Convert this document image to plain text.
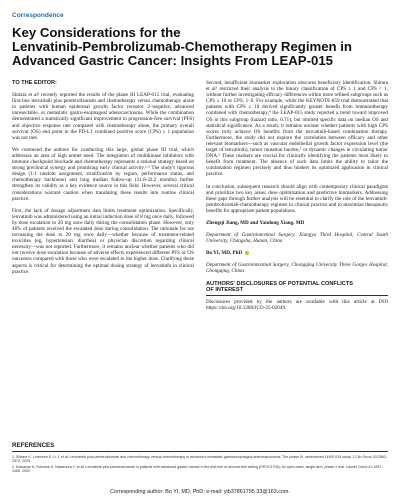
Correspondence
Key Considerations for the
Lenvatinib-Pembrolizumab-Chemotherapy Regimen in
Advanced Gastric Cancer: Insights From LEAP-015

TO THE EDITOR:

Shitara et al¹ recently reported the results of the phase III LEAP-015 trial, evaluating first-line lenvatinib plus pembrolizumab and chemotherapy versus chemotherapy alone in patients with human epidermal growth factor receptor 2–negative, advanced unresectable, or metastatic gastro-esophageal adenocarcinoma. While the combination demonstrated a statistically significant improvement in progression-free survival (PFS) and objective response rate compared with chemotherapy alone, the primary overall survival (OS) end point in the PD-L1 combined positive score (CPS) ≥ 1 population was not met.

We commend the authors for conducting this large, global phase III trial, which addresses an area of high unmet need. The integration of multikinase inhibitors with immune checkpoint blockade and chemotherapy represents a rational strategy based on strong preclinical synergy and promising early clinical activity.²·³ The study's rigorous design (1:1 random assignment, stratification by region, performance status, and chemotherapy backbone) and long median follow-up (31.8-32.2 months) further strengthen its validity as a key evidence source in this field. However, several critical considerations warrant caution when translating these results into routine clinical practice.

First, the lack of dosage adjustment data limits treatment optimization. Specifically, lenvatinib was administered using an initial induction dose of 8 mg once daily, followed by dose escalation to 20 mg once daily during the consolidation phase. However, only 46% of patients received the escalated dose during consolidation. The rationale for not increasing the dose to 20 mg once daily—whether because of treatment-related toxicities (eg, hypertension, diarrhea) or physician discretion regarding clinical necessity—was not reported. Furthermore, it remains unclear whether patients who did not receive dose escalation because of adverse effects experienced different PFS or OS outcomes compared with those who were escalated to the higher dose. Clarifying these aspects is critical for determining the optimal dosing strategy of lenvatinib in clinical practice.

Second, insufficient biomarker exploration obscures beneficiary identification. Shitara et al¹ restricted their analysis to the binary classification of CPS ≥ 1 and CPS < 1, without further investigating efficacy differences within more refined subgroups such as CPS ≥ 10 or CPS, 1–9. For example, while the KEYNOTE-859 trial demonstrated that patients with CPS ≥ 10 derived significantly greater benefit from immunotherapy combined with chemotherapy,⁴ the LEAP-015 study reported a trend toward improved OS in this subgroup (hazard ratio, 0.71), but omitted specific data on median OS and statistical significance. As a result, it remains unclear whether patients with high CPS scores truly achieve OS benefits from the lenvatinib-based combination therapy. Furthermore, the study did not explore the correlation between efficacy and other relevant biomarkers—such as vascular endothelial growth factor expression level (the target of lenvatinib), tumor mutation burden,⁵ or dynamic changes in circulating tumor DNA.⁶ These markers are crucial for clinically identifying the patients most likely to benefit from treatment. The absence of such data limits the ability to tailor the combination regimen precisely and thus hinders its optimized application in clinical practice.

In conclusion, subsequent research should align with contemporary clinical paradigms and prioritize two key areas: dose optimization and predictive biomarkers. Addressing these gaps through further analysis will be essential to clarify the role of the lenvatinib-pembrolizumab-chemotherapy regimen in clinical practice and to maximize therapeutic benefits for appropriate patient populations.

Zhengqi Jiang, MD and Yandong Xiang, MD

Department of Gastrointestinal Surgery, Xiangya Third Hospital, Central South University, Changsha, Hunan, China

Bo YI, MD, PhD

Department of Gastrointestinal Surgery, Chongqing University Three Gorges Hospital, Chongqing, China

AUTHORS' DISCLOSURES OF POTENTIAL CONFLICTS
OF INTEREST

Disclosures provided by the authors are available with this article at DOI https://doi.org/10.1200/JCO-25-02049.

REFERENCES

1. Shitara K, Lorenzen S, Li J, et al: Lenvatinib plus pembrolizumab and chemotherapy versus chemotherapy in advanced metastatic gastroesophageal adenocarcinoma: The phase III, randomized LEAP-015 study. J Clin Oncol 43:2563-2574, 2025

2. Kawazoe A, Fukuoka S, Nakamura Y, et al: Lenvatinib plus pembrolizumab in patients with advanced gastric cancer in the first-line or second-line setting (EPOC1706): An open-label, single-arm, phase 2 trial. Lancet Oncol 21:1057-1065, 2020

Corresponding author: Bo YI, MD, PhD; e-mail: yib37861795 33@163.com.
